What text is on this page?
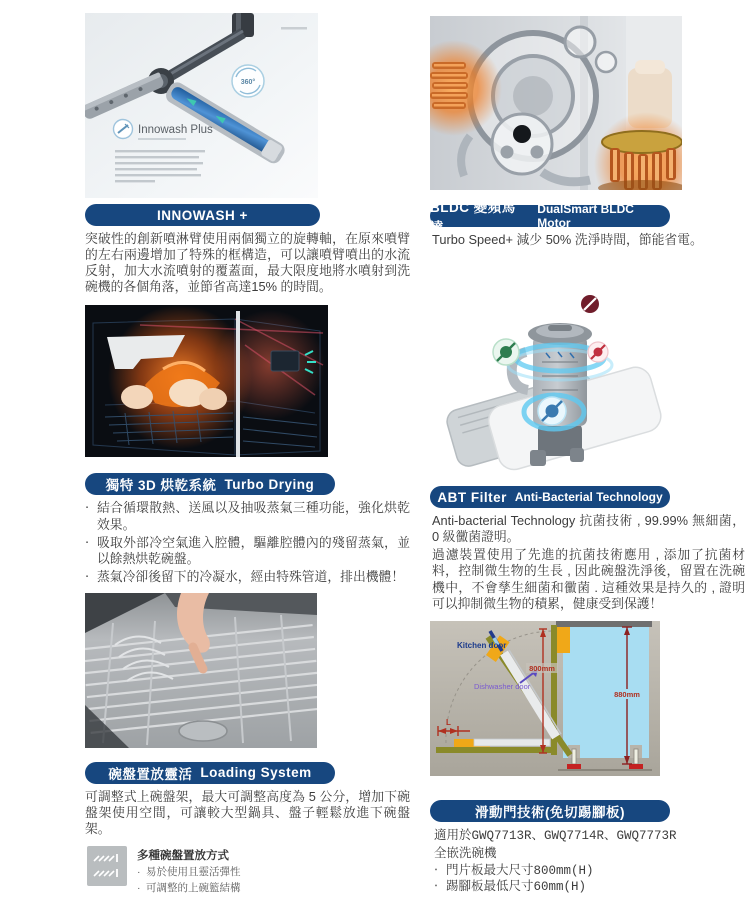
360°
Innowash Plus
INNOWASH +

突破性的創新噴淋臂使用兩個獨立的旋轉軸，在原來噴臂的左右兩邊增加了特殊的框構造，可以讓噴臂噴出的水流反射，加大水流噴射的覆蓋面，最大限度地將水噴射到洗碗機的各個角落，並節省高達15% 的時間。

獨特 3D 烘乾系統 Turbo Drying
‧ 結合循環散熱、送風以及抽吸蒸氣三種功能，強化烘乾效果。
‧ 吸取外部冷空氣進入腔體，驅離腔體內的殘留蒸氣，並以餘熱烘乾碗盤。
‧ 蒸氣冷卻後留下的冷凝水，經由特殊管道，排出機體！
碗盤置放靈活 Loading System

可調整式上碗盤架，最大可調整高度為 5 公分，增加下碗盤架使用空間，可讓較大型鍋具、盤子輕鬆放進下碗盤架。

多種碗盤置放方式
· 易於使用且靈活彈性
· 可調整的上碗籃結構
BLDC 變頻馬達
DualSmart BLDC Motor

Turbo Speed+ 減少 50% 洗淨時間，節能省電。

ABT Filter Anti-Bacterial Technology

Anti-bacterial Technology 抗菌技術 , 99.99% 無細菌，0 級黴菌證明。

過濾裝置使用了先進的抗菌技術應用 , 添加了抗菌材料，控制微生物的生長 , 因此碗盤洗淨後，留置在洗碗機中，不會孳生細菌和黴菌 . 這種效果是持久的 , 證明可以抑制微生物的積累，健康受到保護！

800mm
880mm
L
Kitchen door
Dishwasher door
滑動門技術(免切踢腳板)
適用於GWQ7713R、GWQ7714R、GWQ7773R
全嵌洗碗機
‧ 門片板最大尺寸800mm(H)
‧ 踢腳板最低尺寸60mm(H)
